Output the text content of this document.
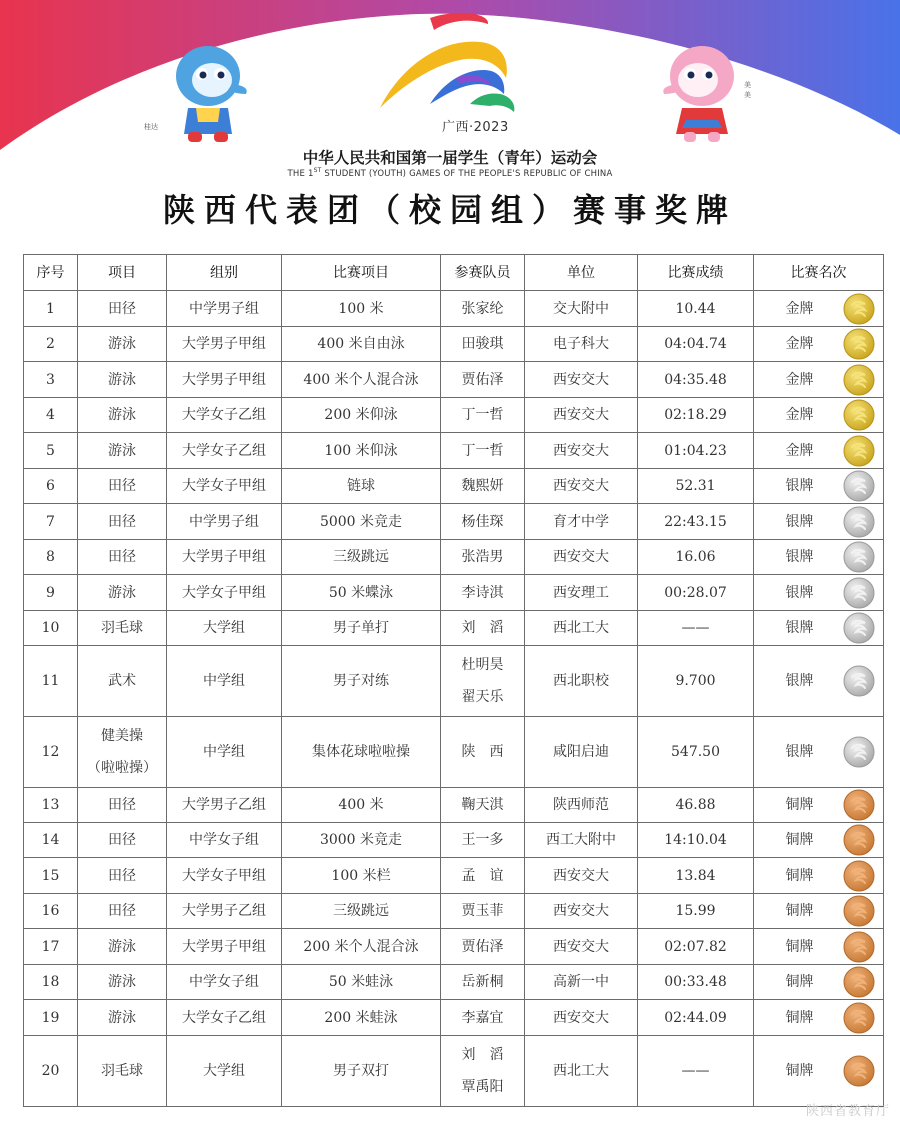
桂达	广西·2023
美美
中华人民共和国第一届学生（青年）运动会
THE 1ST STUDENT (YOUTH) GAMES OF THE PEOPLE'S REPUBLIC OF CHINA
陕西代表团（校园组）赛事奖牌
序号	项目	组别	比赛项目	参赛队员	单位	比赛成绩	比赛名次
1	田径	中学男子组	100 米	张家纶	交大附中	10.44	金牌

2	游泳	大学男子甲组	400 米自由泳	田骏琪	电子科大	04:04.74	金牌

3	游泳	大学男子甲组	400 米个人混合泳	贾佑泽	西安交大	04:35.48	金牌

4	游泳	大学女子乙组	200 米仰泳	丁一哲	西安交大	02:18.29	金牌

5	游泳	大学女子乙组	100 米仰泳	丁一哲	西安交大	01:04.23	金牌

6	田径	大学女子甲组	链球	魏熙妍	西安交大	52.31	银牌

7	田径	中学男子组	5000 米竞走	杨佳琛	育才中学	22:43.15	银牌

8	田径	大学男子甲组	三级跳远	张浩男	西安交大	16.06	银牌

9	游泳	大学女子甲组	50 米蝶泳	李诗淇	西安理工	00:28.07	银牌

10	羽毛球	大学组	男子单打	刘　滔	西北工大	——	银牌

11	武术	中学组	男子对练	杜明昊
翟天乐	西北职校	9.700	银牌

12	健美操
（啦啦操）	中学组	集体花球啦啦操	陕　西	咸阳启迪	547.50	银牌

13	田径	大学男子乙组	400 米	鞠天淇	陕西师范	46.88	铜牌

14	田径	中学女子组	3000 米竞走	王一多	西工大附中	14:10.04	铜牌

15	田径	大学女子甲组	100 米栏	孟　谊	西安交大	13.84	铜牌

16	田径	大学男子乙组	三级跳远	贾玉菲	西安交大	15.99	铜牌

17	游泳	大学男子甲组	200 米个人混合泳	贾佑泽	西安交大	02:07.82	铜牌

18	游泳	中学女子组	50 米蛙泳	岳新桐	高新一中	00:33.48	铜牌

19	游泳	大学女子乙组	200 米蛙泳	李嘉宜	西安交大	02:44.09	铜牌

20	羽毛球	大学组	男子双打	刘　滔
覃禹阳	西北工大	——	铜牌
陕西省教育厅
